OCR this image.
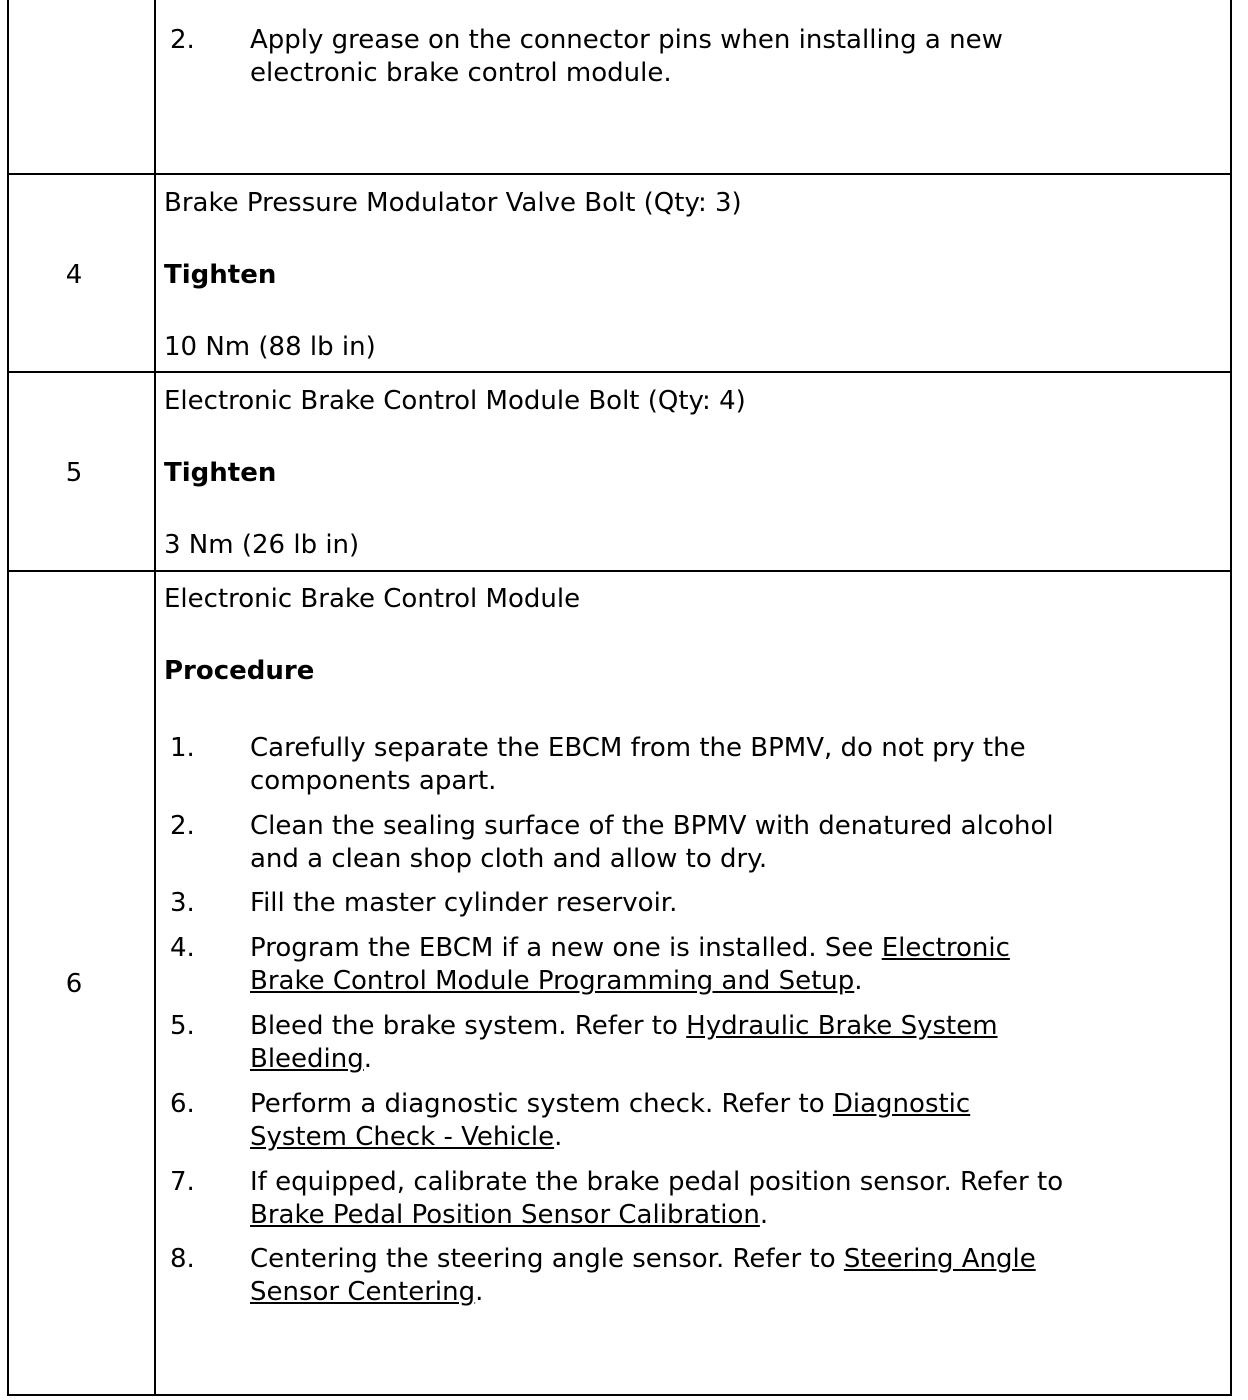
2. Apply grease on the connector pins when installing a new electronic brake control module.
4
Brake Pressure Modulator Valve Bolt (Qty: 3)
Tighten
10 Nm (88 lb in)
5
Electronic Brake Control Module Bolt (Qty: 4)
Tighten
3 Nm (26 lb in)
6
Electronic Brake Control Module
Procedure
1. Carefully separate the EBCM from the BPMV, do not pry the components apart.
2. Clean the sealing surface of the BPMV with denatured alcohol and a clean shop cloth and allow to dry.
3. Fill the master cylinder reservoir.
4. Program the EBCM if a new one is installed. See Electronic Brake Control Module Programming and Setup.
5. Bleed the brake system. Refer to Hydraulic Brake System Bleeding.
6. Perform a diagnostic system check. Refer to Diagnostic System Check - Vehicle.
7. If equipped, calibrate the brake pedal position sensor. Refer to Brake Pedal Position Sensor Calibration.
8. Centering the steering angle sensor. Refer to Steering Angle Sensor Centering.
